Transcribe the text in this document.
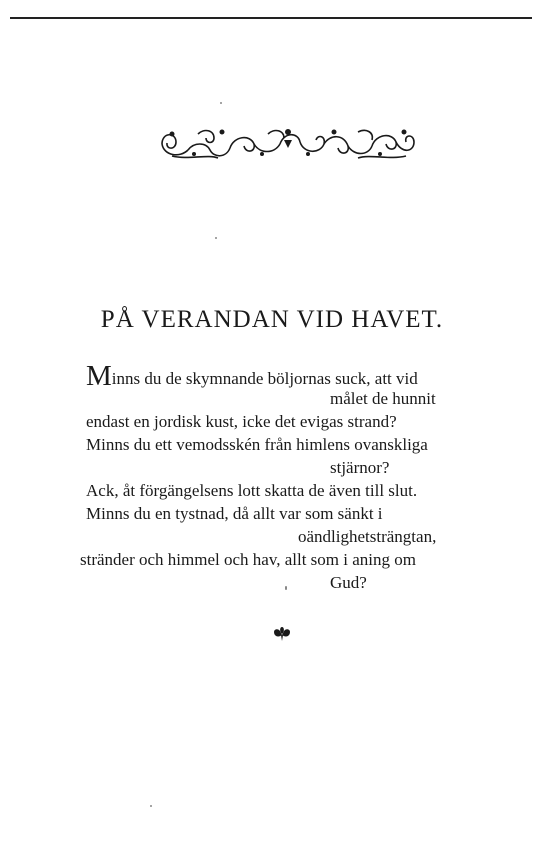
PÅ VERANDAN VID HAVET.
Minns du de skymnande böljornas suck, att vid
målet de hunnit
endast en jordisk kust, icke det evigas strand?
Minns du ett vemodsskén från himlens ovanskliga
stjärnor?
Ack, åt förgängelsens lott skatta de även till slut.
Minns du en tystnad, då allt var som sänkt i
oändlighetsträngtan,
stränder och himmel och hav, allt som i aning om
Gud?
